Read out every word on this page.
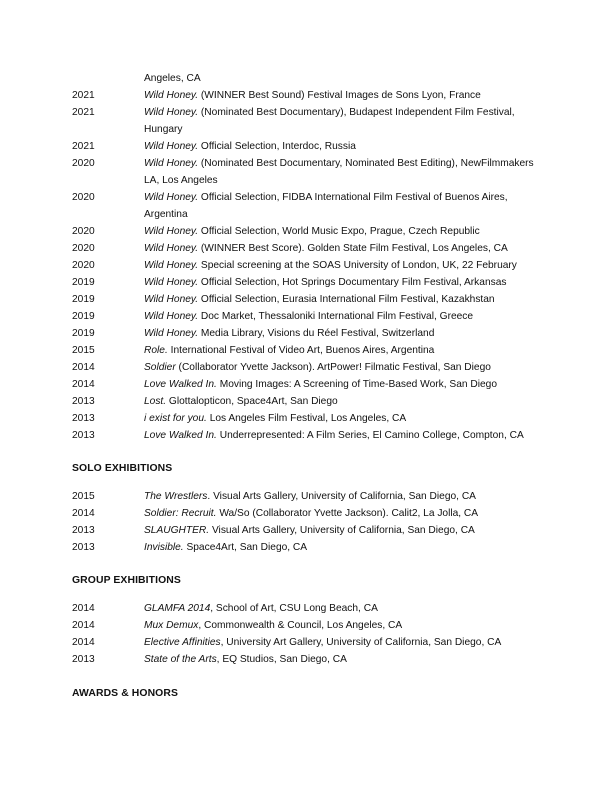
Angeles, CA
2021	Wild Honey. (WINNER Best Sound) Festival Images de Sons Lyon, France
2021	Wild Honey. (Nominated Best Documentary), Budapest Independent Film Festival, Hungary
2021	Wild Honey. Official Selection, Interdoc, Russia
2020	Wild Honey. (Nominated Best Documentary, Nominated Best Editing), NewFilmmakers LA, Los Angeles
2020	Wild Honey. Official Selection, FIDBA International Film Festival of Buenos Aires, Argentina
2020	Wild Honey. Official Selection, World Music Expo, Prague, Czech Republic
2020	Wild Honey. (WINNER Best Score). Golden State Film Festival, Los Angeles, CA
2020	Wild Honey. Special screening at the SOAS University of London, UK, 22 February
2019	Wild Honey. Official Selection, Hot Springs Documentary Film Festival, Arkansas
2019	Wild Honey. Official Selection, Eurasia International Film Festival, Kazakhstan
2019	Wild Honey. Doc Market, Thessaloniki International Film Festival, Greece
2019	Wild Honey. Media Library, Visions du Réel Festival, Switzerland
2015	Role. International Festival of Video Art, Buenos Aires, Argentina
2014	Soldier (Collaborator Yvette Jackson). ArtPower! Filmatic Festival, San Diego
2014	Love Walked In. Moving Images: A Screening of Time-Based Work, San Diego
2013	Lost. Glottaloptic​on, Space4Art, San Diego
2013	i exist for you. Los Angeles Film Festival, Los Angeles, CA
2013	Love Walked In. Underrepresented: A Film Series, El Camino College, Compton, CA
SOLO EXHIBITIONS
2015	The Wrestlers. Visual Arts Gallery, University of California, San Diego, CA
2014	Soldier: Recruit. Wa/So (Collaborator Yvette Jackson). Calit2, La Jolla, CA
2013	SLAUGHTER. Visual Arts Gallery, University of California, San Diego, CA
2013	Invisible. Space4Art, San Diego, CA
GROUP EXHIBITIONS
2014	GLAMFA 2014, School of Art, CSU Long Beach, CA
2014	Mux Demux, Commonwealth & Council, Los Angeles, CA
2014	Elective Affinities, University Art Gallery, University of California, San Diego, CA
2013	State of the Arts, EQ Studios, San Diego, CA
AWARDS & HONORS
